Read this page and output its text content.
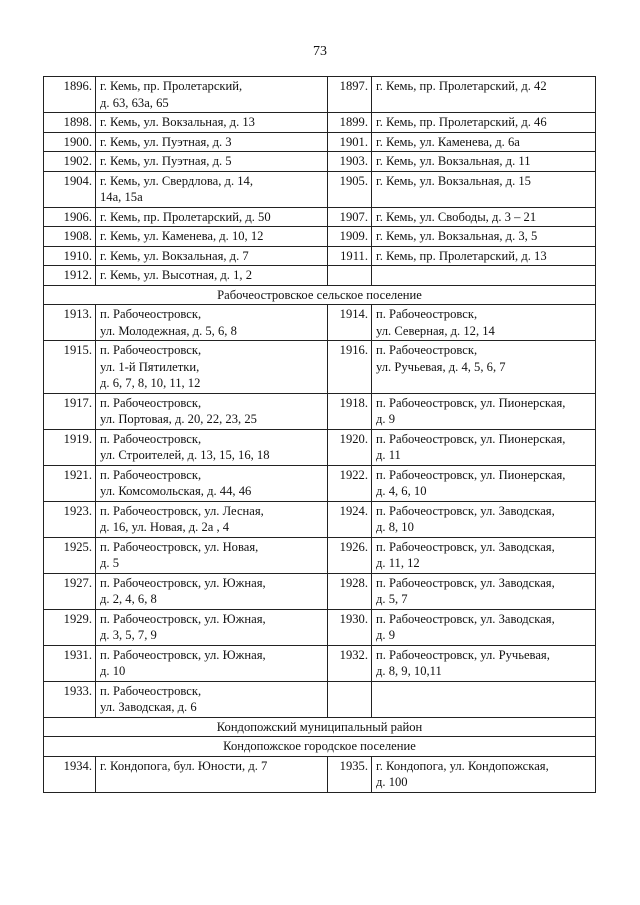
73
1896.	г. Кемь, пр. Пролетарский,
д. 63, 63а, 65	1897.	г. Кемь, пр. Пролетарский, д. 42

1898.	г. Кемь, ул. Вокзальная, д. 13	1899.	г. Кемь, пр. Пролетарский, д. 46

1900.	г. Кемь, ул. Пуэтная, д. 3	1901.	г. Кемь, ул. Каменева, д. 6а

1902.	г. Кемь, ул. Пуэтная, д. 5	1903.	г. Кемь, ул. Вокзальная, д. 11

1904.	г. Кемь, ул. Свердлова, д. 14,
14а, 15а	1905.	г. Кемь, ул. Вокзальная, д. 15

1906.	г. Кемь, пр. Пролетарский, д. 50	1907.	г. Кемь, ул. Свободы, д. 3 – 21

1908.	г. Кемь, ул. Каменева, д. 10, 12	1909.	г. Кемь, ул. Вокзальная, д. 3, 5

1910.	г. Кемь, ул. Вокзальная, д. 7	1911.	г. Кемь, пр. Пролетарский, д. 13

1912.	г. Кемь, ул. Высотная, д. 1, 2		

Рабочеостровское сельское поселение			
1913.	п. Рабочеостровск,
ул. Молодежная, д. 5, 6, 8	1914.	п. Рабочеостровск,
ул. Северная, д. 12, 14

1915.	п. Рабочеостровск,
ул. 1-й Пятилетки,
д. 6, 7, 8, 10, 11, 12	1916.	п. Рабочеостровск,
ул. Ручьевая, д. 4, 5, 6, 7

1917.	п. Рабочеостровск,
ул. Портовая, д. 20, 22, 23, 25	1918.	п. Рабочеостровск, ул. Пионерская,
д. 9

1919.	п. Рабочеостровск,
ул. Строителей, д. 13, 15, 16, 18	1920.	п. Рабочеостровск, ул. Пионерская,
д. 11

1921.	п. Рабочеостровск,
ул. Комсомольская, д. 44, 46	1922.	п. Рабочеостровск, ул. Пионерская,
д. 4, 6, 10

1923.	п. Рабочеостровск, ул. Лесная,
д. 16, ул. Новая, д. 2а , 4	1924.	п. Рабочеостровск, ул. Заводская,
д. 8, 10

1925.	п. Рабочеостровск, ул. Новая,
д. 5	1926.	п. Рабочеостровск, ул. Заводская,
д. 11, 12

1927.	п. Рабочеостровск, ул. Южная,
д. 2, 4, 6, 8	1928.	п. Рабочеостровск, ул. Заводская,
д. 5, 7

1929.	п. Рабочеостровск, ул. Южная,
д. 3, 5, 7, 9	1930.	п. Рабочеостровск, ул. Заводская,
д. 9

1931.	п. Рабочеостровск, ул. Южная,
д. 10	1932.	п. Рабочеостровск, ул. Ручьевая,
д. 8, 9, 10,11

1933.	п. Рабочеостровск,
ул. Заводская, д. 6		

Кондопожский муниципальный район			
Кондопожское городское поселение			
1934.	г. Кондопога, бул. Юности, д. 7	1935.	г. Кондопога, ул. Кондопожская,
д. 100
